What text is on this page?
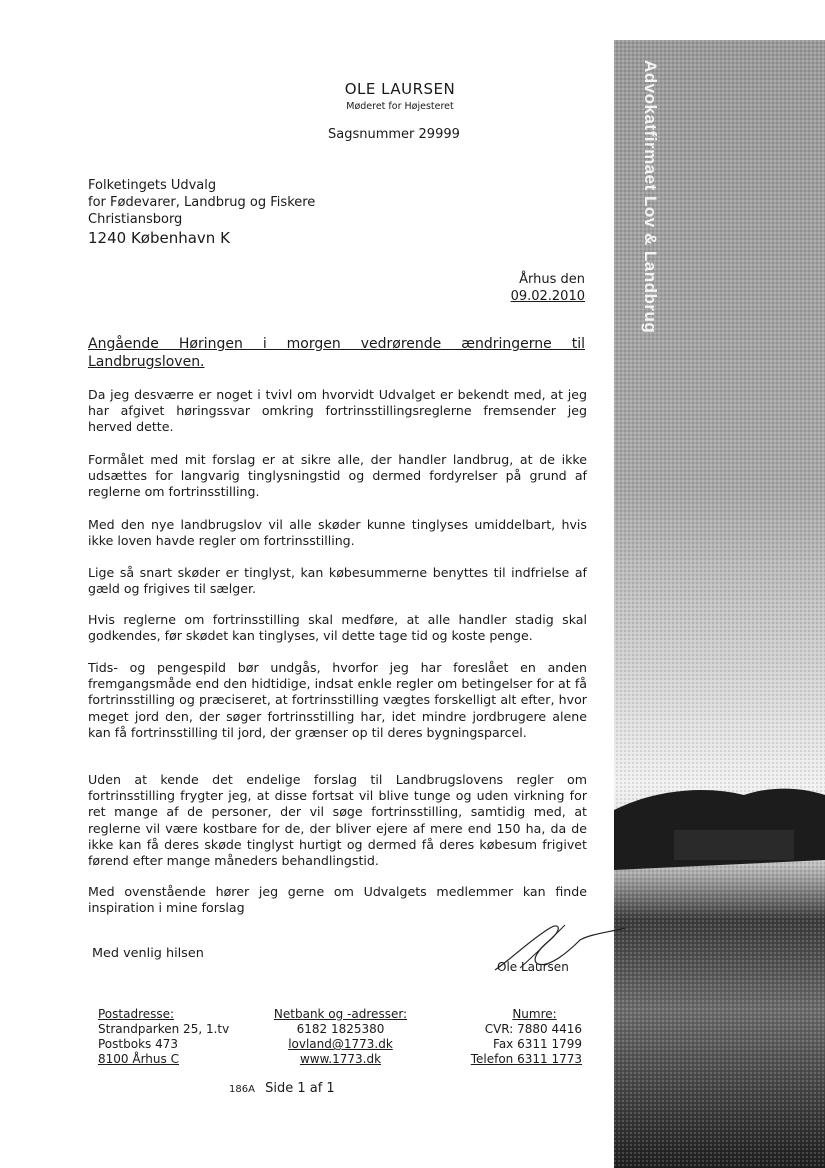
Advokatfirmaet Lov & Landbrug
OLE LAURSEN
Møderet for Højesteret
Sagsnummer 29999
Folketingets Udvalg
for Fødevarer, Landbrug og Fiskere
Christiansborg
1240 København K
Århus den
09.02.2010
Angående Høringen i morgen vedrørende ændringerne til
Landbrugsloven.
Da jeg desværre er noget i tvivl om hvorvidt Udvalget er bekendt med, at jeg har afgivet høringssvar omkring fortrinsstillingsreglerne fremsender jeg herved dette.
Formålet med mit forslag er at sikre alle, der handler landbrug, at de ikke udsættes for langvarig tinglysningstid og dermed fordyrelser på grund af reglerne om fortrinsstilling.
Med den nye landbrugslov vil alle skøder kunne tinglyses umiddelbart, hvis ikke loven havde regler om fortrinsstilling.
Lige så snart skøder er tinglyst, kan købesummerne benyttes til indfrielse af gæld og frigives til sælger.
Hvis reglerne om fortrinsstilling skal medføre, at alle handler stadig skal godkendes, før skødet kan tinglyses, vil dette tage tid og koste penge.
Tids- og pengespild bør undgås, hvorfor jeg har foreslået en anden fremgangsmåde end den hidtidige, indsat enkle regler om betingelser for at få fortrinsstilling og præciseret, at fortrinsstilling vægtes forskelligt alt efter, hvor meget jord den, der søger fortrinsstilling har, idet mindre jordbrugere alene kan få fortrinsstilling til jord, der grænser op til deres bygningsparcel.
Uden at kende det endelige forslag til Landbrugslovens regler om fortrinsstilling frygter jeg, at disse fortsat vil blive tunge og uden virkning for ret mange af de personer, der vil søge fortrinsstilling, samtidig med, at reglerne vil være kostbare for de, der bliver ejere af mere end 150 ha, da de ikke kan få deres skøde tinglyst hurtigt og dermed få deres købesum frigivet førend efter mange måneders behandlingstid.
Med ovenstående hører jeg gerne om Udvalgets medlemmer kan finde inspiration i mine forslag
Med venlig hilsen
Ole Laursen
Postadresse:
Strandparken 25, 1.tv
Postboks 473
8100 Århus C
Netbank og -adresser:
6182 1825380
lovland@1773.dk
www.1773.dk
Numre:
CVR: 7880 4416
Fax 6311 1799
Telefon 6311 1773
186A Side 1 af 1
